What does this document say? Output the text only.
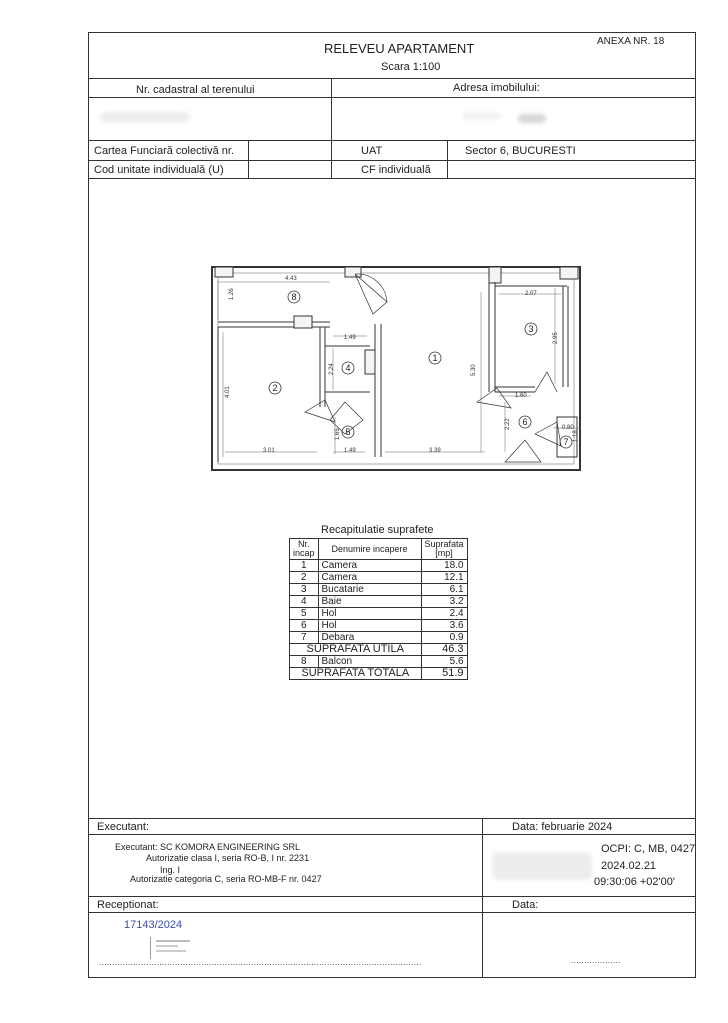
RELEVEU APARTAMENT
Scara 1:100
ANEXA NR. 18
Nr. cadastral al terenului	Adresa imobilului:
Cartea Funciară colectivă nr.	UAT	Sector 6, BUCURESTI
Cod unitate individuală (U)	CF individuală
4.43
1.26	2.07
2.95
1.49
2.24	5.30
4.01	1.60
0.80
1.18
2.22
1.65
3.01	1.49	3.39
1
2
3
4
5
6
7
8
Recapitulatie suprafete
Nr. incap	Denumire incapere	Suprafata [mp]
1	Camera	18.0
2	Camera	12.1
3	Bucatarie	6.1
4	Baie	3.2
5	Hol	2.4
6	Hol	3.6
7	Debara	0.9
SUPRAFATA UTILA		46.3
8	Balcon	5.6
SUPRAFATA TOTALA		51.9
Executant:	Data: februarie 2024
Executant: SC KOMORA ENGINEERING SRL
Autorizatie clasa I, seria RO-B, I nr. 2231
Ing. I
Autorizatie categoria C, seria RO-MB-F nr. 0427
OCPI: C, MB, 0427
2024.02.21
09:30:06 +02'00'
Receptionat:	Data:
17143/2024
...........................................................................................................................	...................
